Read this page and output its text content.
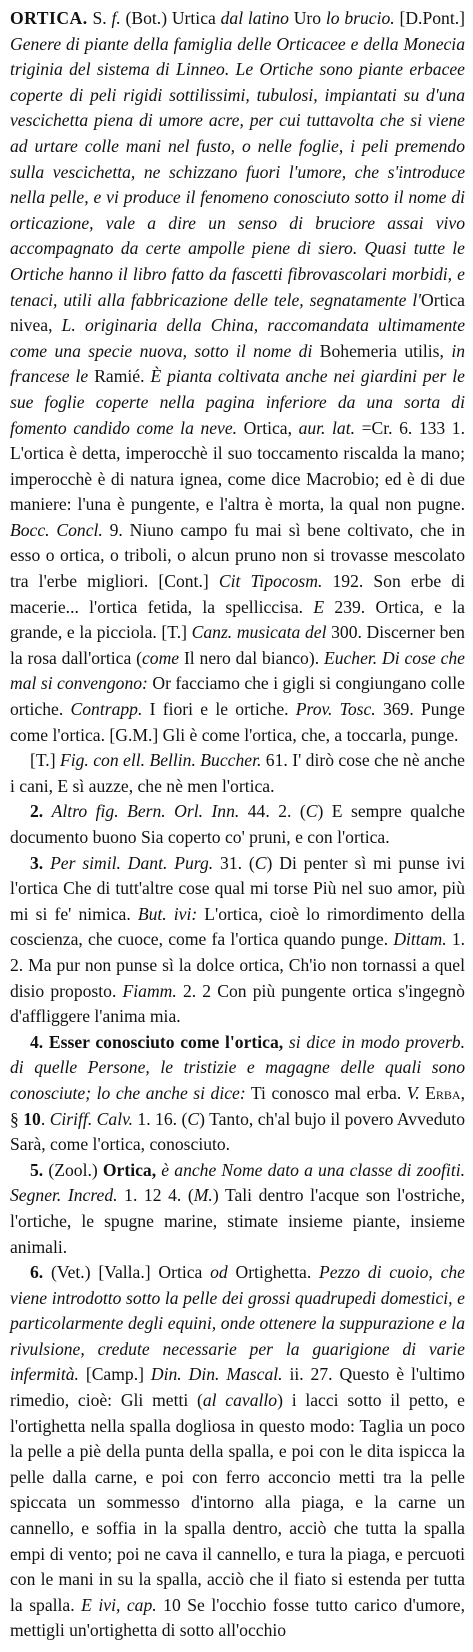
ORTICA. S. f. (Bot.) Urtica dal latino Uro lo brucio. [D.Pont.] Genere di piante della famiglia delle Orticacee e della Monecia triginia del sistema di Linneo. Le Ortiche sono piante erbacee coperte di peli rigidi sottilissimi, tubulosi, impiantati su d'una vescichetta piena di umore acre, per cui tuttavolta che si viene ad urtare colle mani nel fusto, o nelle foglie, i peli premendo sulla vescichetta, ne schizzano fuori l'umore, che s'introduce nella pelle, e vi produce il fenomeno conosciuto sotto il nome di orticazione, vale a dire un senso di bruciore assai vivo accompagnato da certe ampolle piene di siero. Quasi tutte le Ortiche hanno il libro fatto da fascetti fibrovascolari morbidi, e tenaci, utili alla fabbricazione delle tele, segnatamente l'Ortica nivea, L. originaria della China, raccomandata ultimamente come una specie nuova, sotto il nome di Bohemeria utilis, in francese le Ramié. È pianta coltivata anche nei giardini per le sue foglie coperte nella pagina inferiore da una sorta di fomento candido come la neve. Ortica, aur. lat. =Cr. 6. 133 1. L'ortica è detta, imperocchè il suo toccamento riscalda la mano; imperocchè è di natura ignea, come dice Macrobio; ed è di due maniere: l'una è pungente, e l'altra è morta, la qual non pugne. Bocc. Concl. 9. Niuno campo fu mai sì bene coltivato, che in esso o ortica, o triboli, o alcun pruno non si trovasse mescolato tra l'erbe migliori. [Cont.] Cit Tipocosm. 192. Son erbe di macerie... l'ortica fetida, la spelliccisa. E 239. Ortica, e la grande, e la picciola. [T.] Canz. musicata del 300. Discerner ben la rosa dall'ortica (come Il nero dal bianco). Eucher. Di cose che mal si convengono: Or facciamo che i gigli si congiungano colle ortiche. Contrapp. I fiori e le ortiche. Prov. Tosc. 369. Punge come l'ortica. [G.M.] Gli è come l'ortica, che, a toccarla, punge.

[T.] Fig. con ell. Bellin. Buccher. 61. I' dirò cose che nè anche i cani, E sì auzze, che nè men l'ortica.

2. Altro fig. Bern. Orl. Inn. 44. 2. (C) E sempre qualche documento buono Sia coperto co' pruni, e con l'ortica.

3. Per simil. Dant. Purg. 31. (C) Di penter sì mi punse ivi l'ortica Che di tutt'altre cose qual mi torse Più nel suo amor, più mi si fe' nimica. But. ivi: L'ortica, cioè lo rimordimento della coscienza, che cuoce, come fa l'ortica quando punge. Dittam. 1. 2. Ma pur non punse sì la dolce ortica, Ch'io non tornassi a quel disio proposto. Fiamm. 2. 2 Con più pungente ortica s'ingegnò d'affliggere l'anima mia.

4. Esser conosciuto come l'ortica, si dice in modo proverb. di quelle Persone, le tristizie e magagne delle quali sono conosciute; lo che anche si dice: Ti conosco mal erba. V. Erba, § 10. Ciriff. Calv. 1. 16. (C) Tanto, ch'al bujo il povero Avveduto Sarà, come l'ortica, conosciuto.

5. (Zool.) Ortica, è anche Nome dato a una classe di zoofiti. Segner. Incred. 1. 12 4. (M.) Tali dentro l'acque son l'ostriche, l'ortiche, le spugne marine, stimate insieme piante, insieme animali.

6. (Vet.) [Valla.] Ortica od Ortighetta. Pezzo di cuoio, che viene introdotto sotto la pelle dei grossi quadrupedi domestici, e particolarmente degli equini, onde ottenere la suppurazione e la rivulsione, credute necessarie per la guarigione di varie infermità. [Camp.] Din. Din. Mascal. ii. 27. Questo è l'ultimo rimedio, cioè: Gli metti (al cavallo) i lacci sotto il petto, e l'ortighetta nella spalla dogliosa in questo modo: Taglia un poco la pelle a piè della punta della spalla, e poi con le dita ispicca la pelle dalla carne, e poi con ferro acconcio metti tra la pelle spiccata un sommesso d'intorno alla piaga, e la carne un cannello, e soffia in la spalla dentro, acciò che tutta la spalla empi di vento; poi ne cava il cannello, e tura la piaga, e percuoti con le mani in su la spalla, acciò che il fiato si estenda per tutta la spalla. E ivi, cap. 10 Se l'occhio fosse tutto carico d'umore, mettigli un'ortighetta di sotto all'occhio
